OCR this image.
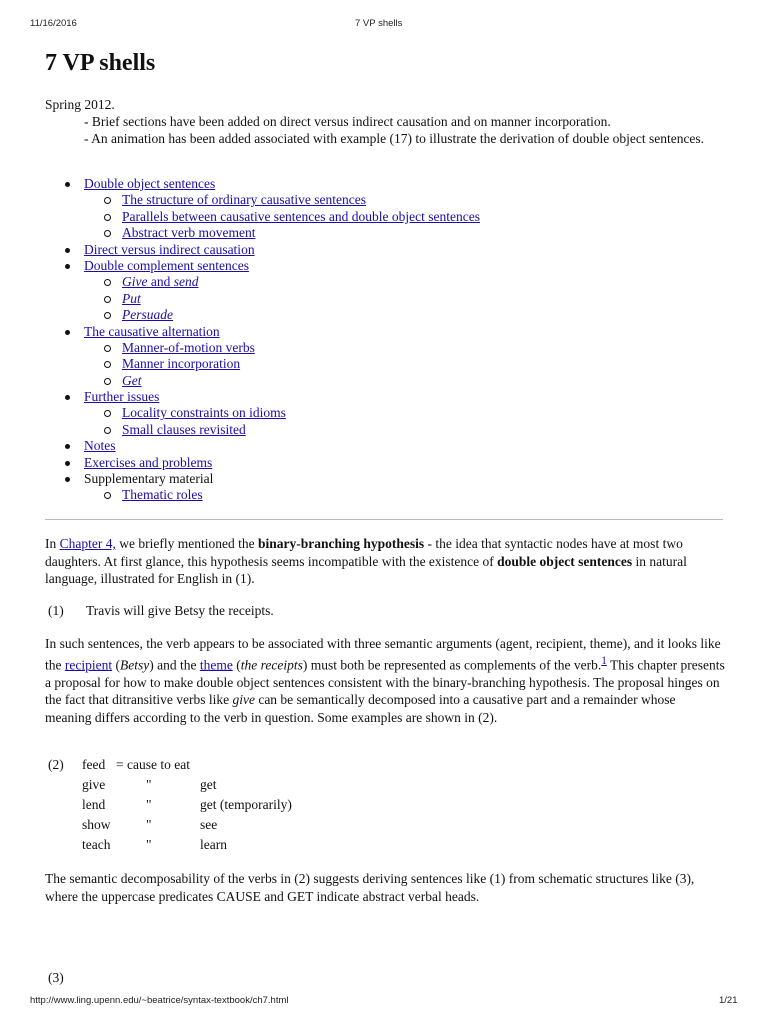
11/16/2016	7 VP shells
7 VP shells

Spring 2012.

- Brief sections have been added on direct versus indirect causation and on manner incorporation.

- An animation has been added associated with example (17) to illustrate the derivation of double object sentences.

Double object sentences
The structure of ordinary causative sentences
Parallels between causative sentences and double object sentences
Abstract verb movement
Direct versus indirect causation
Double complement sentences
Give and send
Put
Persuade
The causative alternation
Manner-of-motion verbs
Manner incorporation
Get
Further issues
Locality constraints on idioms
Small clauses revisited
Notes
Exercises and problems
Supplementary material
Thematic roles

In Chapter 4, we briefly mentioned the binary-branching hypothesis - the idea that syntactic nodes have at most two daughters. At first glance, this hypothesis seems incompatible with the existence of double object sentences in natural language, illustrated for English in (1).

(1) Travis will give Betsy the receipts.

In such sentences, the verb appears to be associated with three semantic arguments (agent, recipient, theme), and it looks like the recipient (Betsy) and the theme (the receipts) must both be represented as complements of the verb.$^1$ This chapter presents a proposal for how to make double object sentences consistent with the binary-branching hypothesis. The proposal hinges on the fact that ditransitive verbs like give can be semantically decomposed into a causative part and a remainder whose meaning differs according to the verb in question. Some examples are shown in (2).

(2) feed	= cause to eat	
give	"	get
lend	"	get (temporarily)
show	"	see
teach	"	learn

The semantic decomposability of the verbs in (2) suggests deriving sentences like (1) from schematic structures like (3), where the uppercase predicates CAUSE and GET indicate abstract verbal heads.

(3)
http://www.ling.upenn.edu/~beatrice/syntax-textbook/ch7.html	1/21
